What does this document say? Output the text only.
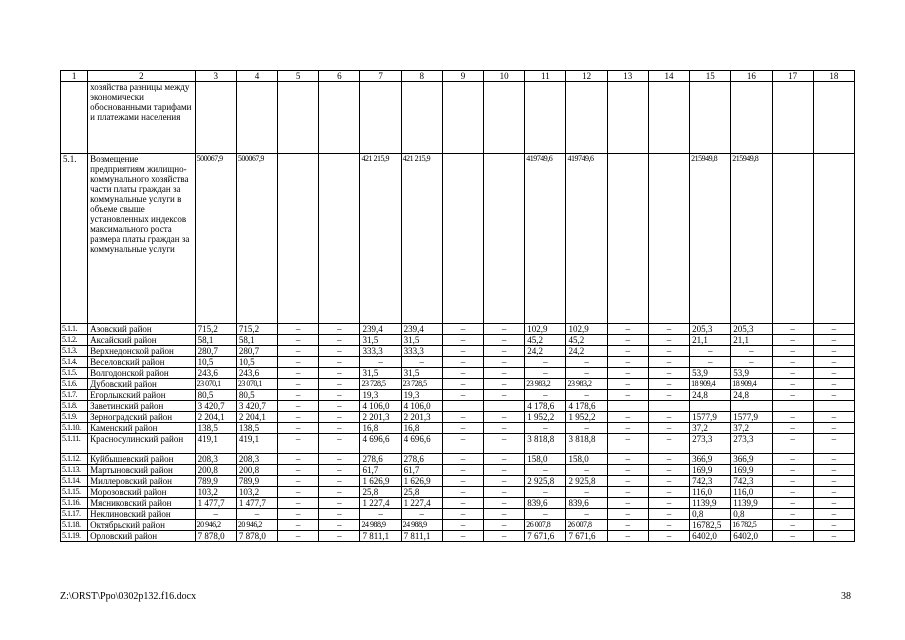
1	2	3	4	5	6	7	8	9	10	11	12	13	14	15	16	17	18
	хозяйства разницы между экономически обоснованными тарифами и платежами населения																
5.1.	Возмещение предприятиям жилищно-коммунального хозяйства части платы граждан за коммунальные услуги в объеме свыше установленных индексов максимального роста размера платы граждан за коммунальные услуги	500067,9	500067,9			421 215,9	421 215,9			419749,6	419749,6			215949,8	215949,8		
5.1.1.	Азовский район	715,2	715,2	–	–	239,4	239,4	–	–	102,9	102,9	–	–	205,3	205,3	–	–
5.1.2.	Аксайский район	58,1	58,1	–	–	31,5	31,5	–	–	45,2	45,2	–	–	21,1	21,1	–	–
5.1.3.	Верхнедонской район	280,7	280,7	–	–	333,3	333,3	–	–	24,2	24,2	–	–	–	–	–	–
5.1.4.	Веселовский район	10,5	10,5	–	–	–	–	–	–	–	–	–	–	–	–	–	–
5.1.5.	Волгодонской район	243,6	243,6	–	–	31,5	31,5	–	–	–	–	–	–	53,9	53,9	–	–
5.1.6.	Дубовский район	23 070,1	23 070,1	–	–	23 728,5	23 728,5	–	–	23 983,2	23 983,2	–	–	18 909,4	18 909,4	–	–
5.1.7.	Егорлыкский район	80,5	80,5	–	–	19,3	19,3	–	–	–	–	–	–	24,8	24,8	–	–
5.1.8.	Заветинский район	3 420,7	3 420,7	–	–	4 106,0	4 106,0			4 178,6	4 178,6						
5.1.9.	Зерноградский район	2 204,1	2 204,1	–	–	2 201,3	2 201,3	–	–	1 952,2	1 952,2	–	–	1577,9	1577,9	–	–
5.1.10.	Каменский район	138,5	138,5	–	–	16,8	16,8	–	–	–	–	–	–	37,2	37,2	–	–
5.1.11.	Красносулинский район	419,1	419,1	–	–	4 696,6	4 696,6	–	–	3 818,8	3 818,8	–	–	273,3	273,3	–	–
5.1.12.	Куйбышевский район	208,3	208,3	–	–	278,6	278,6	–	–	158,0	158,0	–	–	366,9	366,9	–	–
5.1.13.	Мартыновский район	200,8	200,8	–	–	61,7	61,7	–	–	–	–	–	–	169,9	169,9	–	–
5.1.14.	Миллеровский район	789,9	789,9	–	–	1 626,9	1 626,9	–	–	2 925,8	2 925,8	–	–	742,3	742,3	–	–
5.1.15.	Морозовский район	103,2	103,2	–	–	25,8	25,8	–	–	–	–	–	–	116,0	116,0	–	–
5.1.16.	Мясниковский район	1 477,7	1 477,7	–	–	1 227,4	1 227,4	–	–	839,6	839,6	–	–	1139,9	1139,9	–	–
5.1.17.	Неклиновский район	–	–	–	–	–	–	–	–	–	–	–	–	0,8	0,8	–	–
5.1.18.	Октябрьский район	20 946,2	20 946,2	–	–	24 988,9	24 988,9	–	–	26 007,8	26 007,8	–	–	16782,5	16 782,5	–	–
5.1.19.	Орловский район	7 878,0	7 878,0	–	–	7 811,1	7 811,1	–	–	7 671,6	7 671,6	–	–	6402,0	6402,0	–	–
Z:\ORST\Ppo\0302p132.f16.docx	38
